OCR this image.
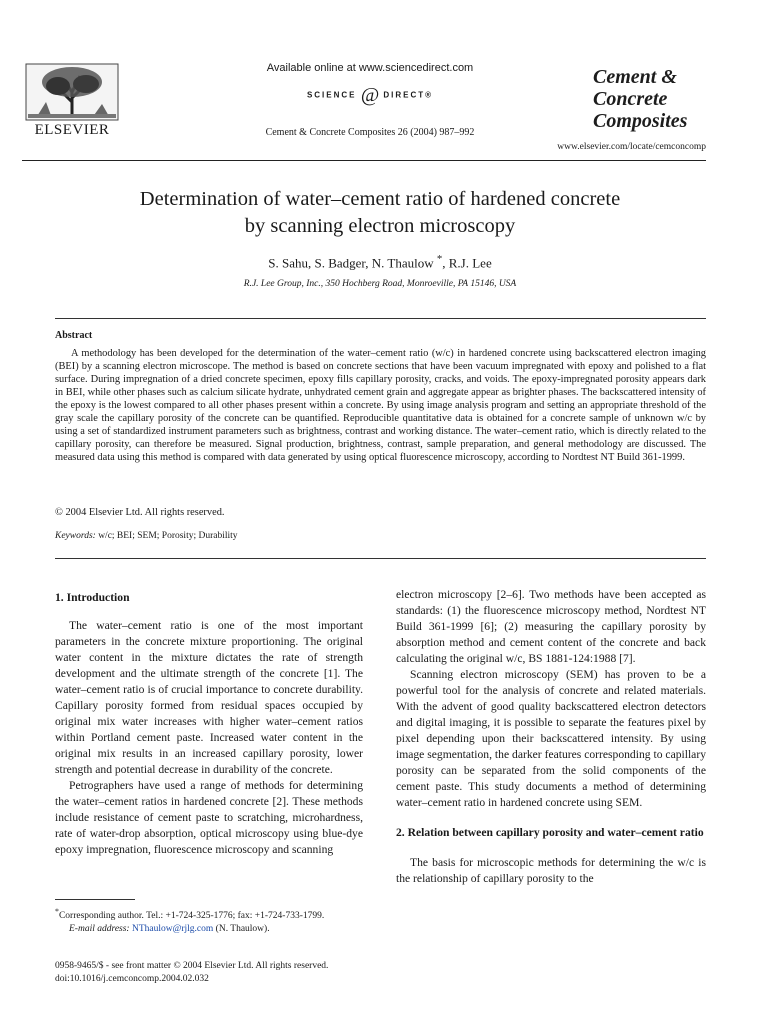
ELSEVIER
Available online at www.sciencedirect.com
SCIENCE @ DIRECT®
Cement & Concrete Composites 26 (2004) 987–992
Cement &
Concrete
Composites
www.elsevier.com/locate/cemconcomp
Determination of water–cement ratio of hardened concrete
by scanning electron microscopy
S. Sahu, S. Badger, N. Thaulow *, R.J. Lee
R.J. Lee Group, Inc., 350 Hochberg Road, Monroeville, PA 15146, USA
Abstract

A methodology has been developed for the determination of the water–cement ratio (w/c) in hardened concrete using backscattered electron imaging (BEI) by a scanning electron microscope. The method is based on concrete sections that have been vacuum impregnated with epoxy and polished to a flat surface. During impregnation of a dried concrete specimen, epoxy fills capillary porosity, cracks, and voids. The epoxy-impregnated porosity appears dark in BEI, while other phases such as calcium silicate hydrate, unhydrated cement grain and aggregate appear as brighter phases. The backscattered intensity of the epoxy is the lowest compared to all other phases present within a concrete. By using image analysis program and setting an appropriate threshold of the gray scale the capillary porosity of the concrete can be quantified. Reproducible quantitative data is obtained for a concrete sample of unknown w/c by using a set of standardized instrument parameters such as brightness, contrast and working distance. The water–cement ratio, which is directly related to the capillary porosity, can therefore be measured. Signal production, brightness, contrast, sample preparation, and general methodology are discussed. The measured data using this method is compared with data generated by using optical fluorescence microscopy, according to Nordtest NT Build 361-1999.

© 2004 Elsevier Ltd. All rights reserved.
Keywords: w/c; BEI; SEM; Porosity; Durability
1. Introduction

The water–cement ratio is one of the most important parameters in the concrete mixture proportioning. The original water content in the mixture dictates the rate of strength development and the ultimate strength of the concrete [1]. The water–cement ratio is of crucial importance to concrete durability. Capillary porosity formed from residual spaces occupied by original mix water increases with higher water–cement ratios within Portland cement paste. Increased water content in the original mix results in an increased capillary porosity, lower strength and potential decrease in durability of the concrete.

Petrographers have used a range of methods for determining the water–cement ratios in hardened concrete [2]. These methods include resistance of cement paste to scratching, microhardness, rate of water-drop absorption, optical microscopy using blue-dye epoxy impregnation, fluorescence microscopy and scanning

electron microscopy [2–6]. Two methods have been accepted as standards: (1) the fluorescence microscopy method, Nordtest NT Build 361-1999 [6]; (2) measuring the capillary porosity by absorption method and cement content of the concrete and back calculating the original w/c, BS 1881-124:1988 [7].

Scanning electron microscopy (SEM) has proven to be a powerful tool for the analysis of concrete and related materials. With the advent of good quality backscattered electron detectors and digital imaging, it is possible to separate the features pixel by pixel depending upon their backscattered intensity. By using image segmentation, the darker features corresponding to capillary porosity can be separated from the solid components of the cement paste. This study documents a method of determining water–cement ratio in hardened concrete using SEM.

2. Relation between capillary porosity and water–cement ratio

The basis for microscopic methods for determining the w/c is the relationship of capillary porosity to the

*Corresponding author. Tel.: +1-724-325-1776; fax: +1-724-733-1799.
E-mail address: NThaulow@rjlg.com (N. Thaulow).
0958-9465/$ - see front matter © 2004 Elsevier Ltd. All rights reserved.
doi:10.1016/j.cemconcomp.2004.02.032
